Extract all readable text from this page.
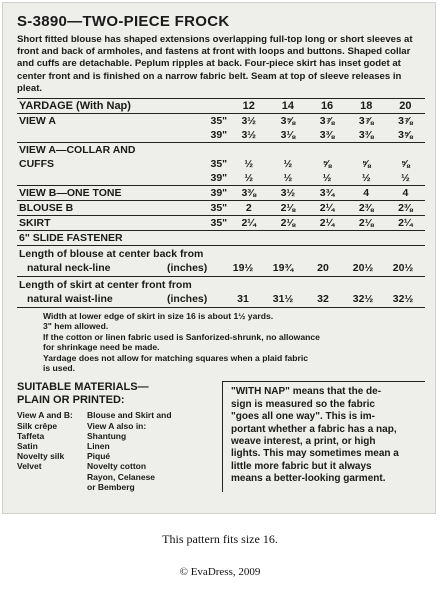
S-3890—TWO-PIECE FROCK

Short fitted blouse has shaped extensions overlapping full-top long or short sleeves at front and back of armholes, and fastens at front with loops and buttons. Shaped collar and cuffs are detachable. Peplum ripples at back. Four-piece skirt has inset godet at center front and is finished on a narrow fabric belt. Seam at top of sleeve releases in pleat.

YARDAGE (With Nap)		12	14	16	18	20
VIEW A	35"	3½	3⅝	3⅞	3⅞	3⅞
	39"	3½	3⅛	3⅜	3⅜	3⅝
VIEW A—COLLAR AND						
CUFFS	35"	½	½	⅝	⅝	⅝
	39"	½	½	½	½	½
VIEW B—ONE TONE	39"	3⅜	3½	3¾	4	4
BLOUSE B	35"	2	2⅛	2¼	2⅜	2⅜
SKIRT	35"	2¼	2⅛	2¼	2⅛	2¼
6" SLIDE FASTENER
Length of blouse at center back from
natural neck-line	(inches)	19½	19¾	20	20½	20½
Length of skirt at center front from
natural waist-line	(inches)	31	31½	32	32½	32½
Width at lower edge of skirt in size 16 is about 1½ yards.
3" hem allowed.
If the cotton or linen fabric used is Sanforized-shrunk, no allowance
for shrinkage need be made.
Yardage does not allow for matching squares when a plaid fabric
is used.
SUITABLE MATERIALS—
PLAIN OR PRINTED:
View A and B:
Silk crêpe
Taffeta
Satin
Novelty silk
Velvet
Blouse and Skirt and
View A also in:
Shantung
Linen
Piqué
Novelty cotton
Rayon, Celanese
or Bemberg
"WITH NAP" means that the de-
sign is measured so the fabric
"goes all one way". This is im-
portant whether a fabric has a nap,
weave interest, a print, or high
lights. This may sometimes mean a
little more fabric but it always
means a better-looking garment.
This pattern fits size 16.
© EvaDress, 2009
